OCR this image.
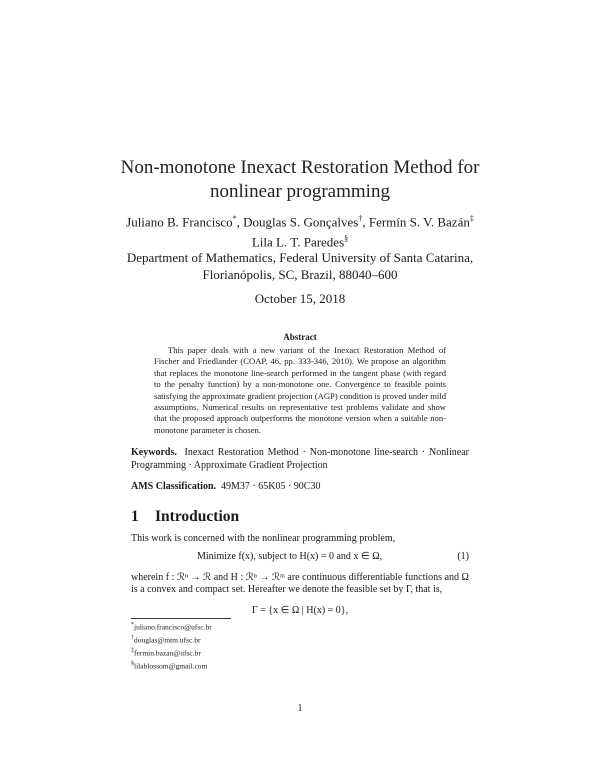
Non-monotone Inexact Restoration Method for
nonlinear programming
Juliano B. Francisco*, Douglas S. Gonçalves†, Fermín S. V. Bazán‡
Lila L. T. Paredes§
Department of Mathematics, Federal University of Santa Catarina,
Florianópolis, SC, Brazil, 88040–600
October 15, 2018
Abstract
This paper deals with a new variant of the Inexact Restoration Method of Fischer and Friedlander (COAP, 46, pp. 333-346, 2010). We propose an algorithm that replaces the monotone line-search performed in the tangent phase (with regard to the penalty function) by a non-monotone one. Convergence to feasible points satisfying the approximate gradient projection (AGP) condition is proved under mild assumptions. Numerical results on representative test problems validate and show that the proposed approach outperforms the monotone version when a suitable non-monotone parameter is chosen.
Keywords. Inexact Restoration Method · Non-monotone line-search · Nonlinear Programming · Approximate Gradient Projection
AMS Classification. 49M37 · 65K05 · 90C30
1 Introduction
This work is concerned with the nonlinear programming problem,
Minimize f(x), subject to H(x) = 0 and x ∈ Ω,	(1)
wherein f : ℛⁿ → ℛ and H : ℛⁿ → ℛᵐ are continuous differentiable functions and Ω is a convex and compact set. Hereafter we denote the feasible set by Γ, that is,
Γ = {x ∈ Ω | H(x) = 0},
*juliano.francisco@ufsc.br
†douglas@mtm.ufsc.br
‡fermin.bazan@ufsc.br
§lilablossom@gmail.com
1
